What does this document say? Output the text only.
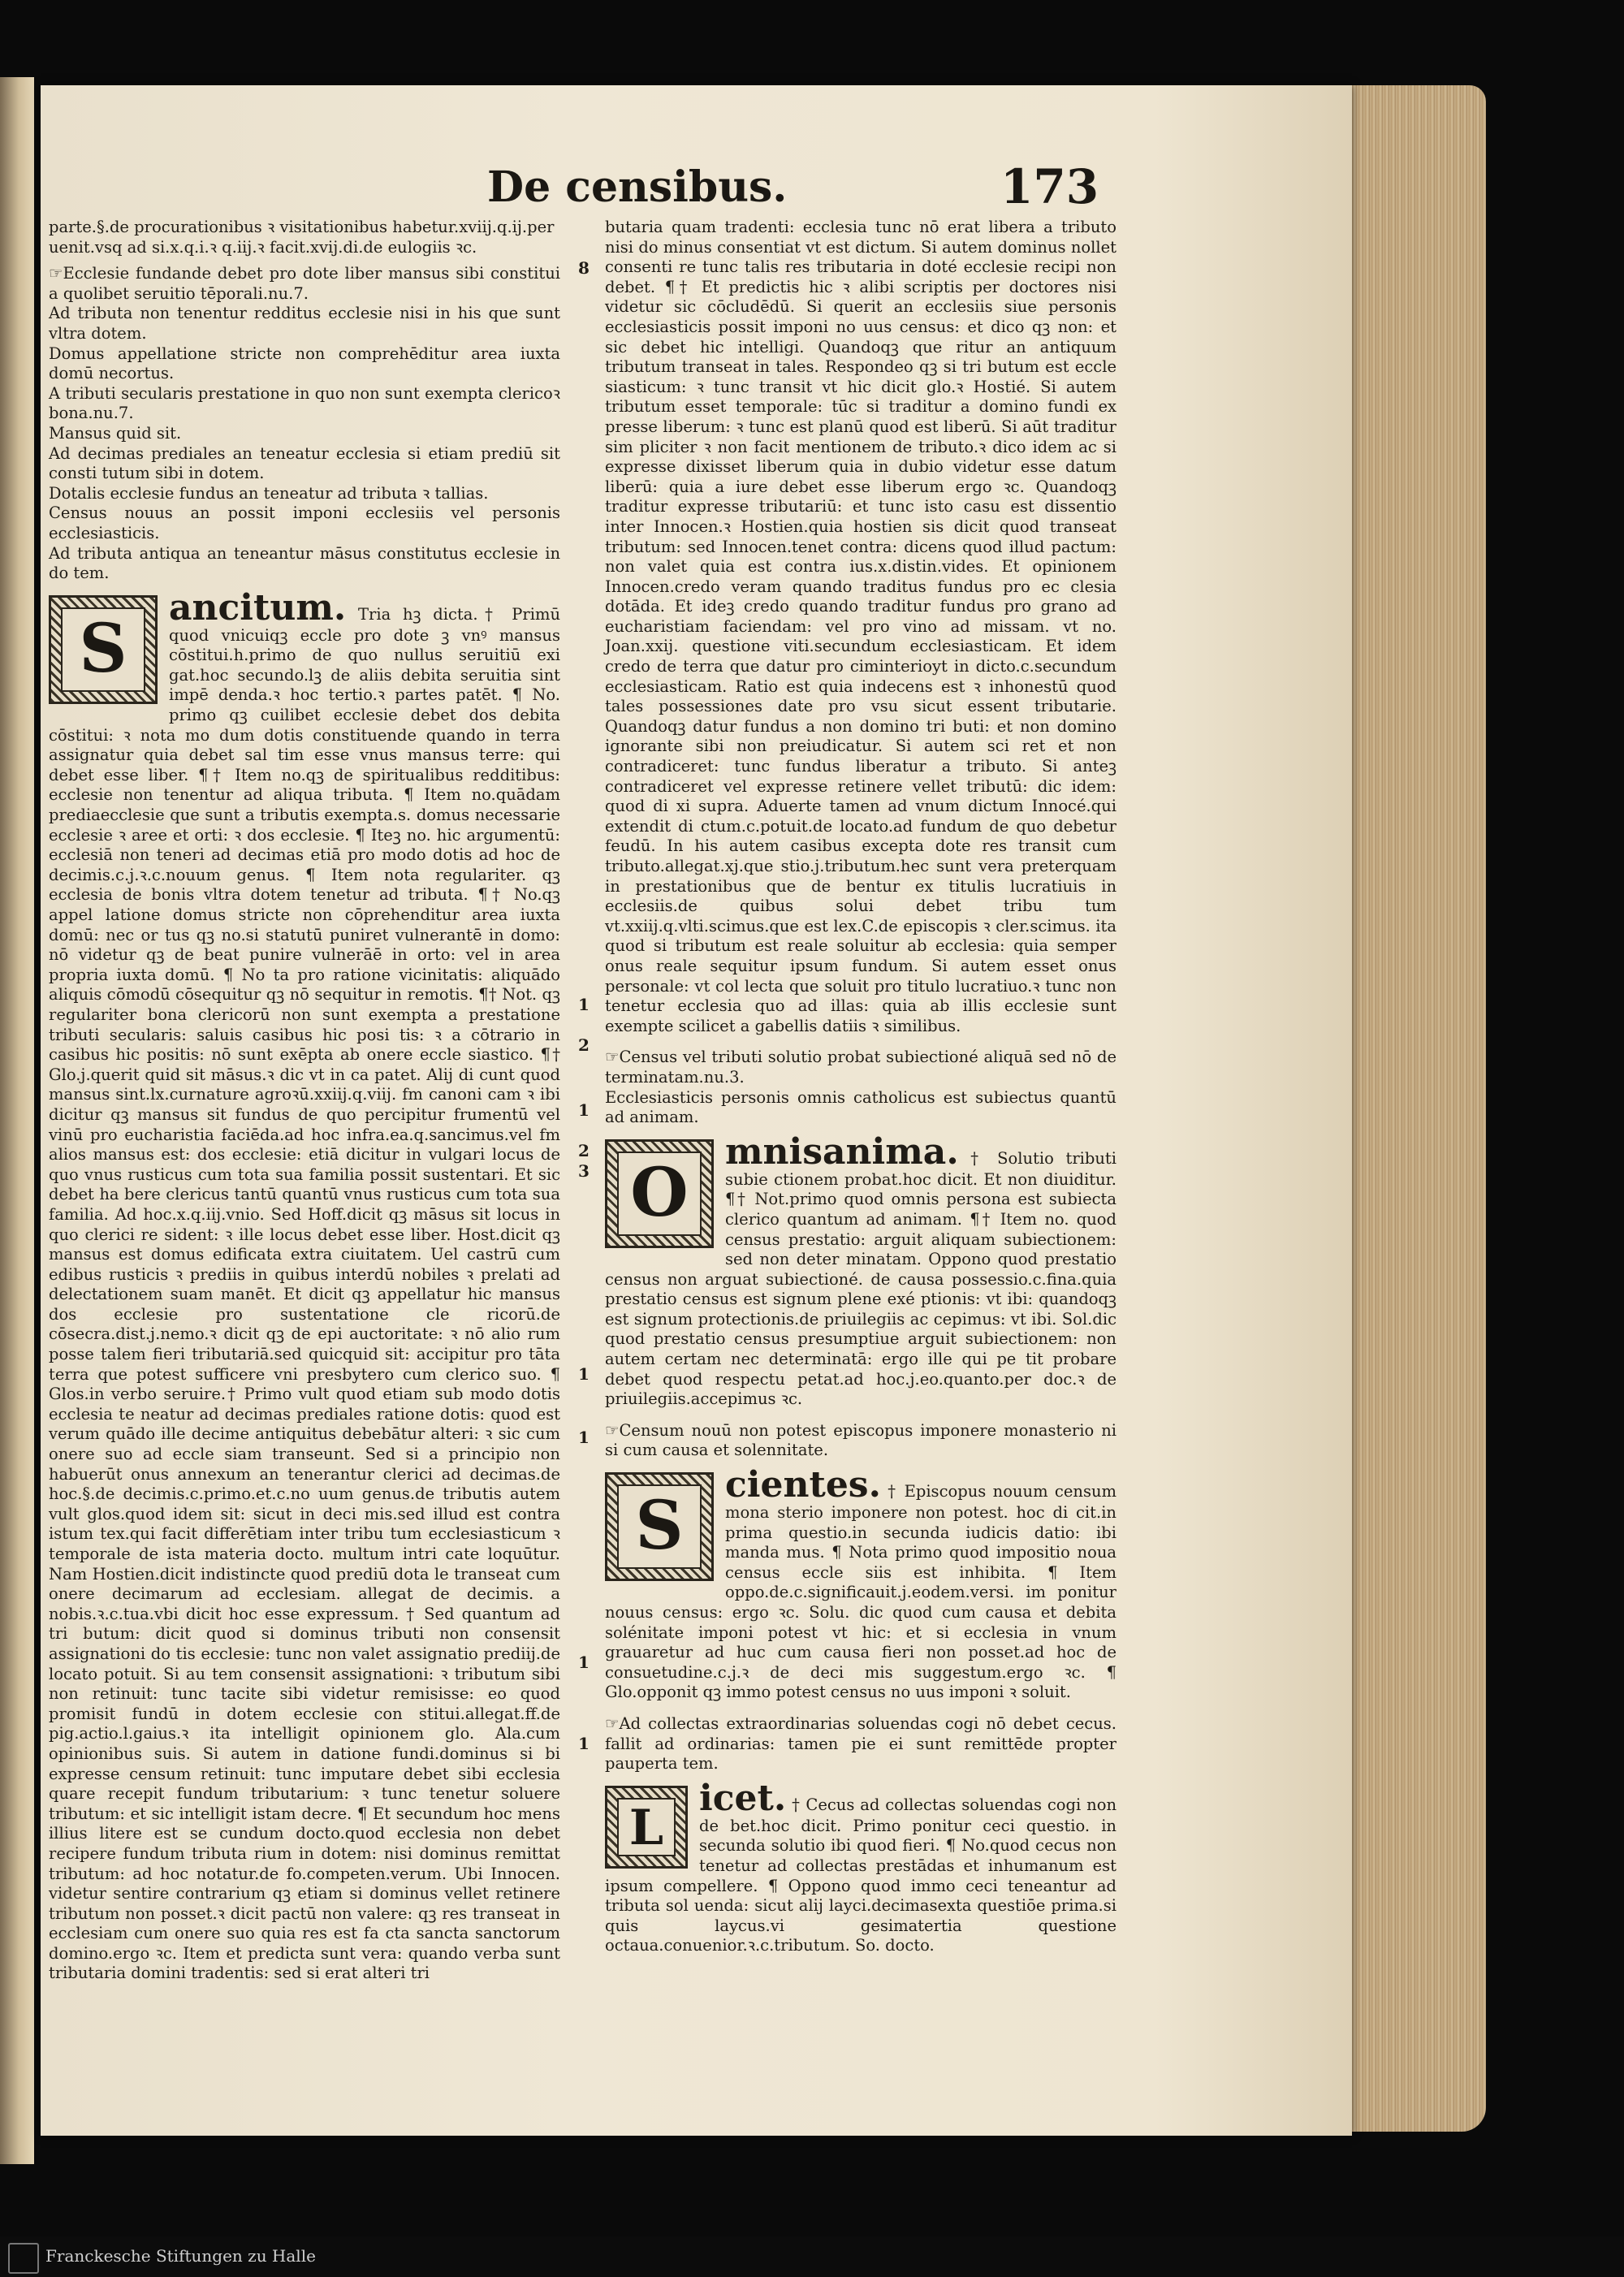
De censibus.	173

parte.§.de procurationibus ꝛ visitationibus habetur.xviij.q.ij.per

uenit.vsq ad si.x.q.i.ꝛ q.iij.ꝛ facit.xvij.di.de eulogiis ꝛc.

☞Ecclesie fundande debet pro dote liber mansus sibi constitui a quolibet seruitio tēporali.nu.7.

Ad tributa non tenentur redditus ecclesie nisi in his que sunt vltra dotem.

Domus appellatione stricte non comprehēditur area iuxta domū necortus.

A tributi secularis prestatione in quo non sunt exempta clericoꝛ bona.nu.7.

Mansus quid sit.

Ad decimas prediales an teneatur ecclesia si etiam prediū sit consti tutum sibi in dotem.

Dotalis ecclesie fundus an teneatur ad tributa ꝛ tallias.

Census nouus an possit imponi ecclesiis vel personis ecclesiasticis.

Ad tributa antiqua an teneantur māsus constitutus ecclesie in do tem.

S
ancitum. Tria hꝫ dicta.† Primū quod vnicuiqꝫ eccle pro dote ꝫ vnꝰ mansus cōstitui.h.primo de quo nullus seruitiū exi gat.hoc secundo.lꝫ de aliis debita seruitia sint impē denda.ꝛ hoc tertio.ꝛ partes patēt. ¶ No. primo qꝫ cuilibet ecclesie debet dos debita cōstitui: ꝛ nota mo dum dotis constituende quando in terra assignatur quia debet sal tim esse vnus mansus terre: qui debet esse liber. ¶† Item no.qꝫ de spiritualibus redditibus: ecclesie non tenentur ad aliqua tributa. ¶ Item no.quādam prediaecclesie que sunt a tributis exempta.s. domus necessarie ecclesie ꝛ aree et orti: ꝛ dos ecclesie. ¶ Iteꝫ no. hic argumentū: ecclesiā non teneri ad decimas etiā pro modo dotis ad hoc de decimis.c.j.ꝛ.c.nouum genus. ¶ Item nota regulariter. qꝫ ecclesia de bonis vltra dotem tenetur ad tributa. ¶† No.qꝫ appel latione domus stricte non cōprehenditur area iuxta domū: nec or tus qꝫ no.si statutū puniret vulnerantē in domo: nō videtur qꝫ de beat punire vulnerāē in orto: vel in area propria iuxta domū. ¶ No ta pro ratione vicinitatis: aliquādo aliquis cōmodū cōsequitur qꝫ nō sequitur in remotis. ¶† Not. qꝫ regulariter bona clericorū non sunt exempta a prestatione tributi secularis: saluis casibus hic posi tis: ꝛ a cōtrario in casibus hic positis: nō sunt exēpta ab onere eccle siastico. ¶† Glo.j.querit quid sit māsus.ꝛ dic vt in ca patet. Alij di cunt quod mansus sint.lx.curnature agroꝛū.xxiij.q.viij. fm canoni cam ꝛ ibi dicitur qꝫ mansus sit fundus de quo percipitur frumentū vel vinū pro eucharistia faciēda.ad hoc infra.ea.q.sancimus.vel fm alios mansus est: dos ecclesie: etiā dicitur in vulgari locus de quo vnus rusticus cum tota sua familia possit sustentari. Et sic debet ha bere clericus tantū quantū vnus rusticus cum tota sua familia. Ad hoc.x.q.iij.vnio. Sed Hoff.dicit qꝫ māsus sit locus in quo clerici re sident: ꝛ ille locus debet esse liber. Host.dicit qꝫ mansus est domus edificata extra ciuitatem. Uel castrū cum edibus rusticis ꝛ prediis in quibus interdū nobiles ꝛ prelati ad delectationem suam manēt. Et dicit qꝫ appellatur hic mansus dos ecclesie pro sustentatione cle ricorū.de cōsecra.dist.j.nemo.ꝛ dicit qꝫ de epi auctoritate: ꝛ nō alio rum posse talem fieri tributariā.sed quicquid sit: accipitur pro tāta terra que potest sufficere vni presbytero cum clerico suo. ¶ Glos.in verbo seruire.† Primo vult quod etiam sub modo dotis ecclesia te neatur ad decimas prediales ratione dotis: quod est verum quādo ille decime antiquitus debebātur alteri: ꝛ sic cum onere suo ad eccle siam transeunt. Sed si a principio non habuerūt onus annexum an tenerantur clerici ad decimas.de hoc.§.de decimis.c.primo.et.c.no uum genus.de tributis autem vult glos.quod idem sit: sicut in deci mis.sed illud est contra istum tex.qui facit differētiam inter tribu tum ecclesiasticum ꝛ temporale de ista materia docto. multum intri cate loquūtur. Nam Hostien.dicit indistincte quod prediū dota le transeat cum onere decimarum ad ecclesiam. allegat de decimis. a nobis.ꝛ.c.tua.vbi dicit hoc esse expressum. † Sed quantum ad tri butum: dicit quod si dominus tributi non consensit assignationi do tis ecclesie: tunc non valet assignatio prediij.de locato potuit. Si au tem consensit assignationi: ꝛ tributum sibi non retinuit: tunc tacite sibi videtur remisisse: eo quod promisit fundū in dotem ecclesie con stitui.allegat.ff.de pig.actio.l.gaius.ꝛ ita intelligit opinionem glo. Ala.cum opinionibus suis. Si autem in datione fundi.dominus si bi expresse censum retinuit: tunc imputare debet sibi ecclesia quare recepit fundum tributarium: ꝛ tunc tenetur soluere tributum: et sic intelligit istam decre. ¶ Et secundum hoc mens illius litere est se cundum docto.quod ecclesia non debet recipere fundum tributa rium in dotem: nisi dominus remittat tributum: ad hoc notatur.de fo.competen.verum. Ubi Innocen. videtur sentire contrarium qꝫ etiam si dominus vellet retinere tributum non posset.ꝛ dicit pactū non valere: qꝫ res transeat in ecclesiam cum onere suo quia res est fa cta sancta sanctorum domino.ergo ꝛc. Item et predicta sunt vera: quando verba sunt tributaria domini tradentis: sed si erat alteri tri

butaria quam tradenti: ecclesia tunc nō erat libera a tributo nisi do minus consentiat vt est dictum. Si autem dominus nollet consenti re tunc talis res tributaria in doté ecclesie recipi non debet. ¶† Et predictis hic ꝛ alibi scriptis per doctores nisi videtur sic cōcludēdū. Si querit an ecclesiis siue personis ecclesiasticis possit imponi no uus census: et dico qꝫ non: et sic debet hic intelligi. Quandoqꝫ que ritur an antiquum tributum transeat in tales. Respondeo qꝫ si tri butum est eccle siasticum: ꝛ tunc transit vt hic dicit glo.ꝛ Hostié. Si autem tributum esset temporale: tūc si traditur a domino fundi ex presse liberum: ꝛ tunc est planū quod est liberū. Si aūt traditur sim pliciter ꝛ non facit mentionem de tributo.ꝛ dico idem ac si expresse dixisset liberum quia in dubio videtur esse datum liberū: quia a iure debet esse liberum ergo ꝛc. Quandoqꝫ traditur expresse tributariū: et tunc isto casu est dissentio inter Innocen.ꝛ Hostien.quia hostien sis dicit quod transeat tributum: sed Innocen.tenet contra: dicens quod illud pactum: non valet quia est contra ius.x.distin.vides. Et opinionem Innocen.credo veram quando traditus fundus pro ec clesia dotāda. Et ideꝫ credo quando traditur fundus pro grano ad eucharistiam faciendam: vel pro vino ad missam. vt no. Joan.xxij. questione viti.secundum ecclesiasticam. Et idem credo de terra que datur pro ciminterioyt in dicto.c.secundum ecclesiasticam. Ratio est quia indecens est ꝛ inhonestū quod tales possessiones date pro vsu sicut essent tributarie. Quandoqꝫ datur fundus a non domino tri buti: et non domino ignorante sibi non preiudicatur. Si autem sci ret et non contradiceret: tunc fundus liberatur a tributo. Si anteꝫ contradiceret vel expresse retinere vellet tributū: dic idem: quod di xi supra. Aduerte tamen ad vnum dictum Innocé.qui extendit di ctum.c.potuit.de locato.ad fundum de quo debetur feudū. In his autem casibus excepta dote res transit cum tributo.allegat.xj.que stio.j.tributum.hec sunt vera preterquam in prestationibus que de bentur ex titulis lucratiuis in ecclesiis.de quibus solui debet tribu tum vt.xxiij.q.vlti.scimus.que est lex.C.de episcopis ꝛ cler.scimus. ita quod si tributum est reale soluitur ab ecclesia: quia semper onus reale sequitur ipsum fundum. Si autem esset onus personale: vt col lecta que soluit pro titulo lucratiuo.ꝛ tunc non tenetur ecclesia quo ad illas: quia ab illis ecclesie sunt exempte scilicet a gabellis datiis ꝛ similibus.

☞Census vel tributi solutio probat subiectioné aliquā sed nō de terminatam.nu.3.

Ecclesiasticis personis omnis catholicus est subiectus quantū ad animam.

O
mnisanima. † Solutio tributi subie ctionem probat.hoc dicit. Et non diuiditur. ¶† Not.primo quod omnis persona est subiecta clerico quantum ad animam. ¶† Item no. quod census prestatio: arguit aliquam subiectionem: sed non deter minatam. Oppono quod prestatio census non arguat subiectioné. de causa possessio.c.fina.quia prestatio census est signum plene exé ptionis: vt ibi: quandoqꝫ est signum protectionis.de priuilegiis ac cepimus: vt ibi. Sol.dic quod prestatio census presumptiue arguit subiectionem: non autem certam nec determinatā: ergo ille qui pe tit probare debet quod respectu petat.ad hoc.j.eo.quanto.per doc.ꝛ de priuilegiis.accepimus ꝛc.

☞Censum nouū non potest episcopus imponere monasterio ni si cum causa et solennitate.

S
cientes. † Episcopus nouum censum mona sterio imponere non potest. hoc di cit.in prima questio.in secunda iudicis datio: ibi manda mus. ¶ Nota primo quod impositio noua census eccle siis est inhibita. ¶ Item oppo.de.c.significauit.j.eodem.versi. im ponitur nouus census: ergo ꝛc. Solu. dic quod cum causa et debita solénitate imponi potest vt hic: et si ecclesia in vnum grauaretur ad huc cum causa fieri non posset.ad hoc de consuetudine.c.j.ꝛ de deci mis suggestum.ergo ꝛc. ¶ Glo.opponit qꝫ immo potest census no uus imponi ꝛ soluit.

☞Ad collectas extraordinarias soluendas cogi nō debet cecus. fallit ad ordinarias: tamen pie ei sunt remittēde propter pauperta tem.

L
icet. † Cecus ad collectas soluendas cogi non de bet.hoc dicit. Primo ponitur ceci questio. in secunda solutio ibi quod fieri. ¶ No.quod cecus non tenetur ad collectas prestādas et inhumanum est ipsum compellere. ¶ Oppono quod immo ceci teneantur ad tributa sol uenda: sicut alij layci.decimasexta questiōe prima.si quis laycus.vi gesimatertia questione octaua.conuenior.ꝛ.c.tributum. So. docto.
8
1
2
1
2
3
1
1
1
1
Franckesche Stiftungen zu Halle
